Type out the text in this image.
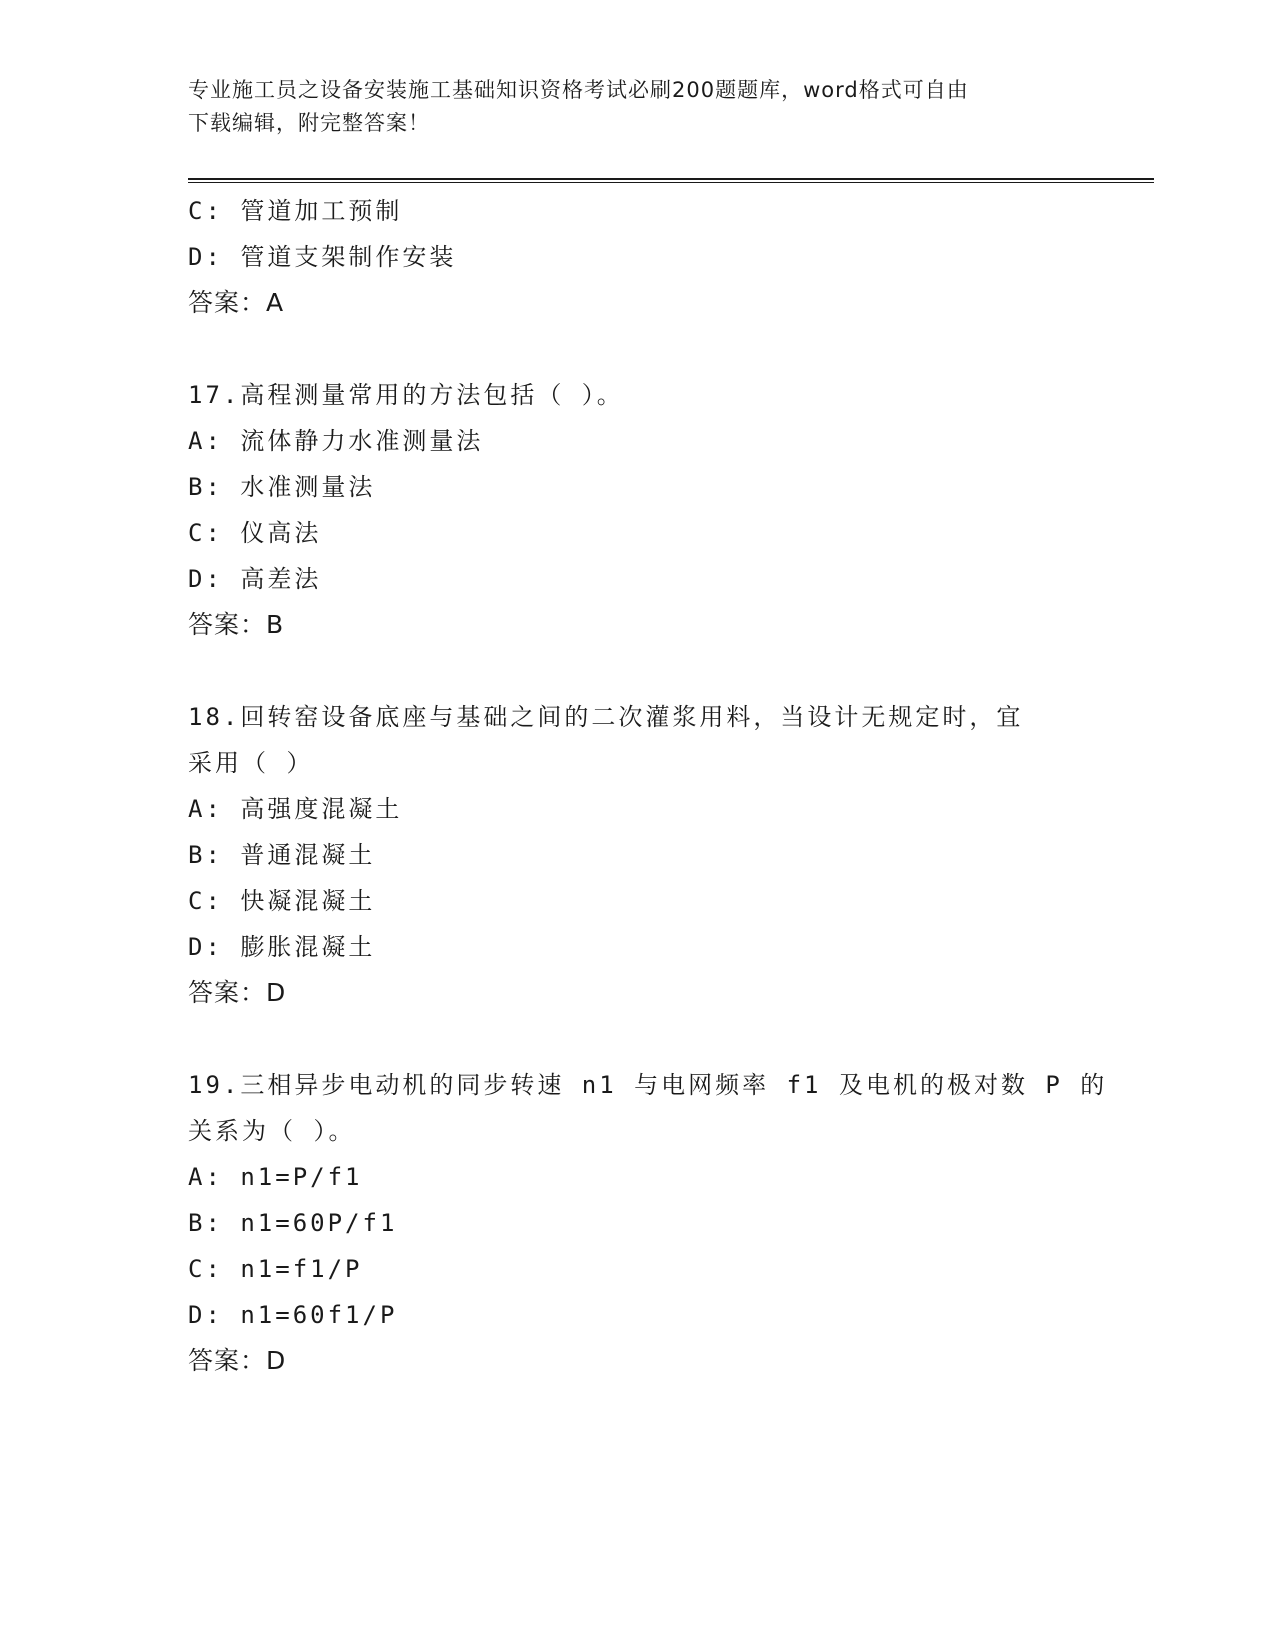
专业施工员之设备安装施工基础知识资格考试必刷200题题库，word格式可自由
下载编辑，附完整答案！
C: 管道加工预制
D: 管道支架制作安装
答案：A
17.高程测量常用的方法包括（ ）。
A: 流体静力水准测量法
B: 水准测量法
C: 仪高法
D: 高差法
答案：B
18.回转窑设备底座与基础之间的二次灌浆用料，当设计无规定时，宜
采用（ ）
A: 高强度混凝土
B: 普通混凝土
C: 快凝混凝土
D: 膨胀混凝土
答案：D
19.三相异步电动机的同步转速 n1 与电网频率 f1 及电机的极对数 P 的
关系为（ ）。
A: n1=P/f1
B: n1=60P/f1
C: n1=f1/P
D: n1=60f1/P
答案：D
